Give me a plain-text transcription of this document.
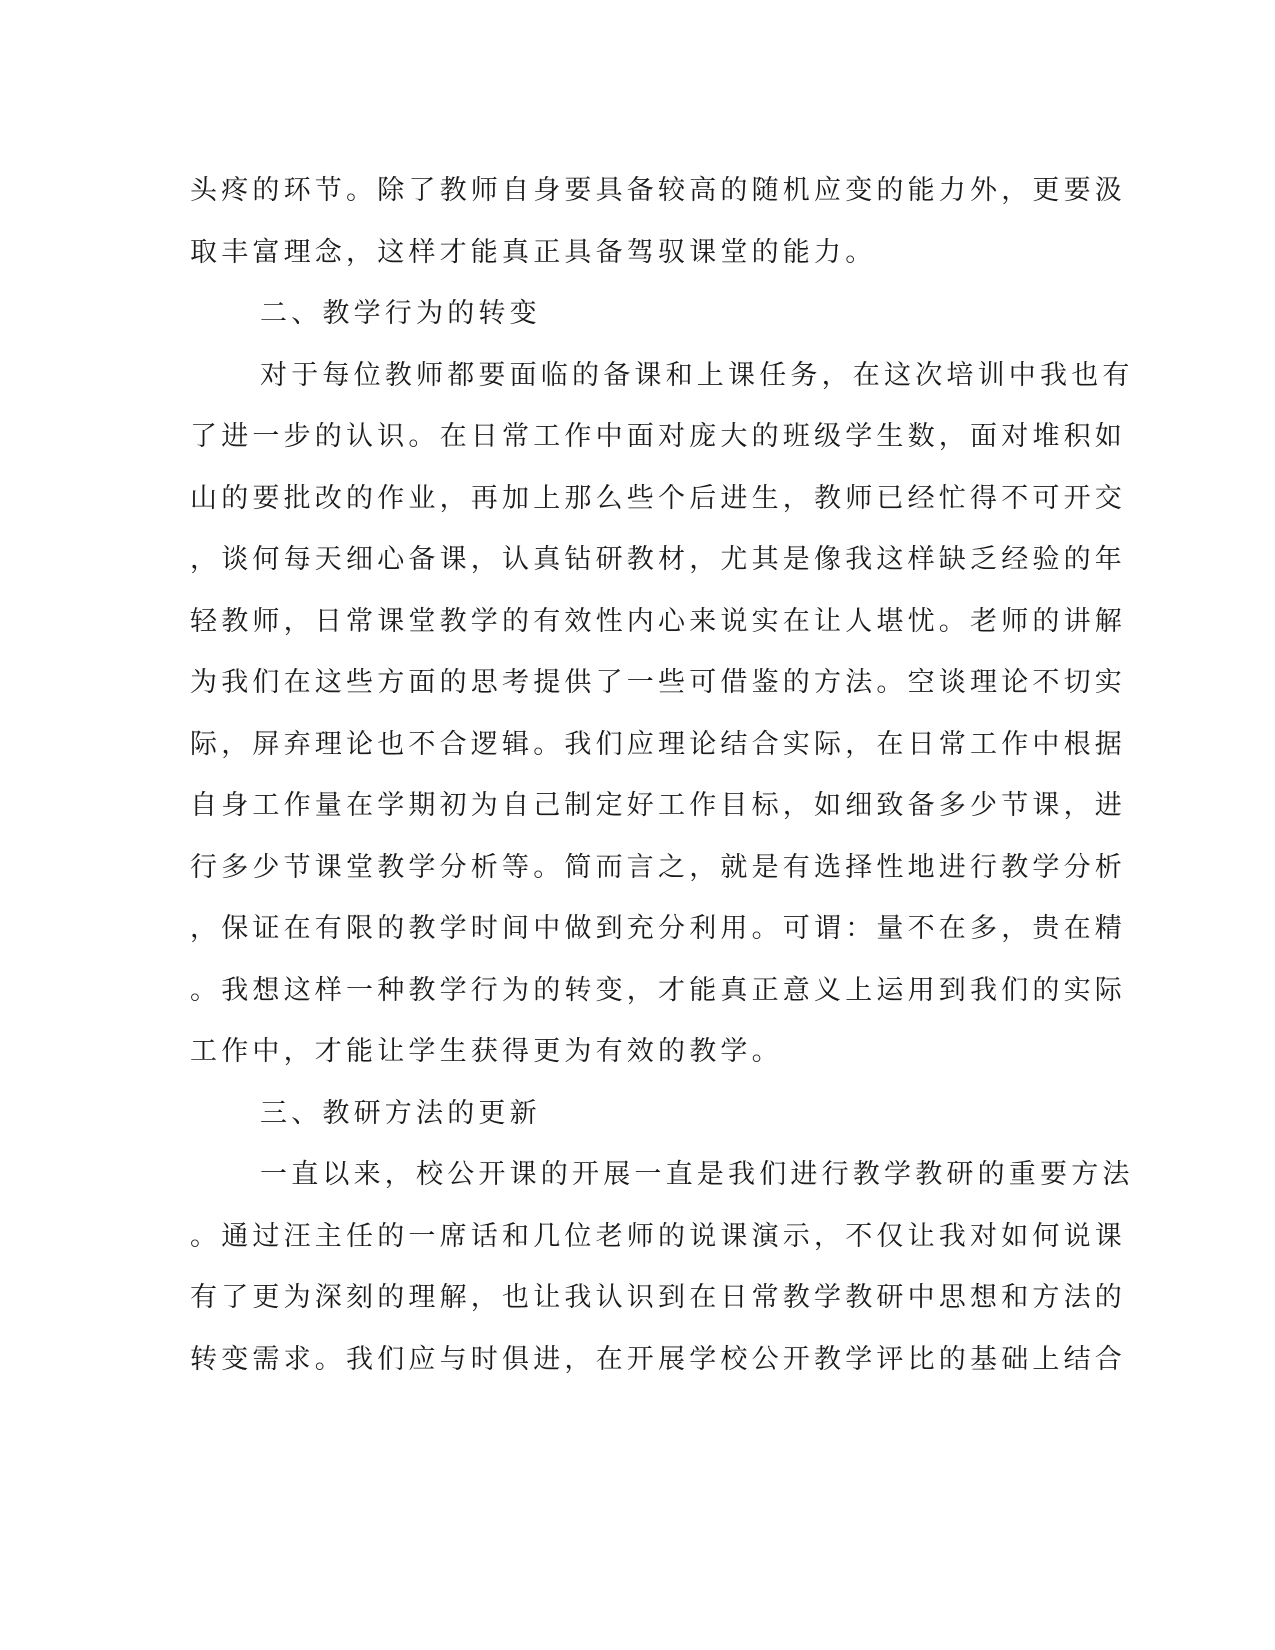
头疼的环节。除了教师自身要具备较高的随机应变的能力外，更要汲
取丰富理念，这样才能真正具备驾驭课堂的能力。
二、教学行为的转变
对于每位教师都要面临的备课和上课任务，在这次培训中我也有
了进一步的认识。在日常工作中面对庞大的班级学生数，面对堆积如
山的要批改的作业，再加上那么些个后进生，教师已经忙得不可开交
，谈何每天细心备课，认真钻研教材，尤其是像我这样缺乏经验的年
轻教师，日常课堂教学的有效性内心来说实在让人堪忧。老师的讲解
为我们在这些方面的思考提供了一些可借鉴的方法。空谈理论不切实
际，屏弃理论也不合逻辑。我们应理论结合实际，在日常工作中根据
自身工作量在学期初为自己制定好工作目标，如细致备多少节课，进
行多少节课堂教学分析等。简而言之，就是有选择性地进行教学分析
，保证在有限的教学时间中做到充分利用。可谓：量不在多，贵在精
。我想这样一种教学行为的转变，才能真正意义上运用到我们的实际
工作中，才能让学生获得更为有效的教学。
三、教研方法的更新
一直以来，校公开课的开展一直是我们进行教学教研的重要方法
。通过汪主任的一席话和几位老师的说课演示，不仅让我对如何说课
有了更为深刻的理解，也让我认识到在日常教学教研中思想和方法的
转变需求。我们应与时俱进，在开展学校公开教学评比的基础上结合
